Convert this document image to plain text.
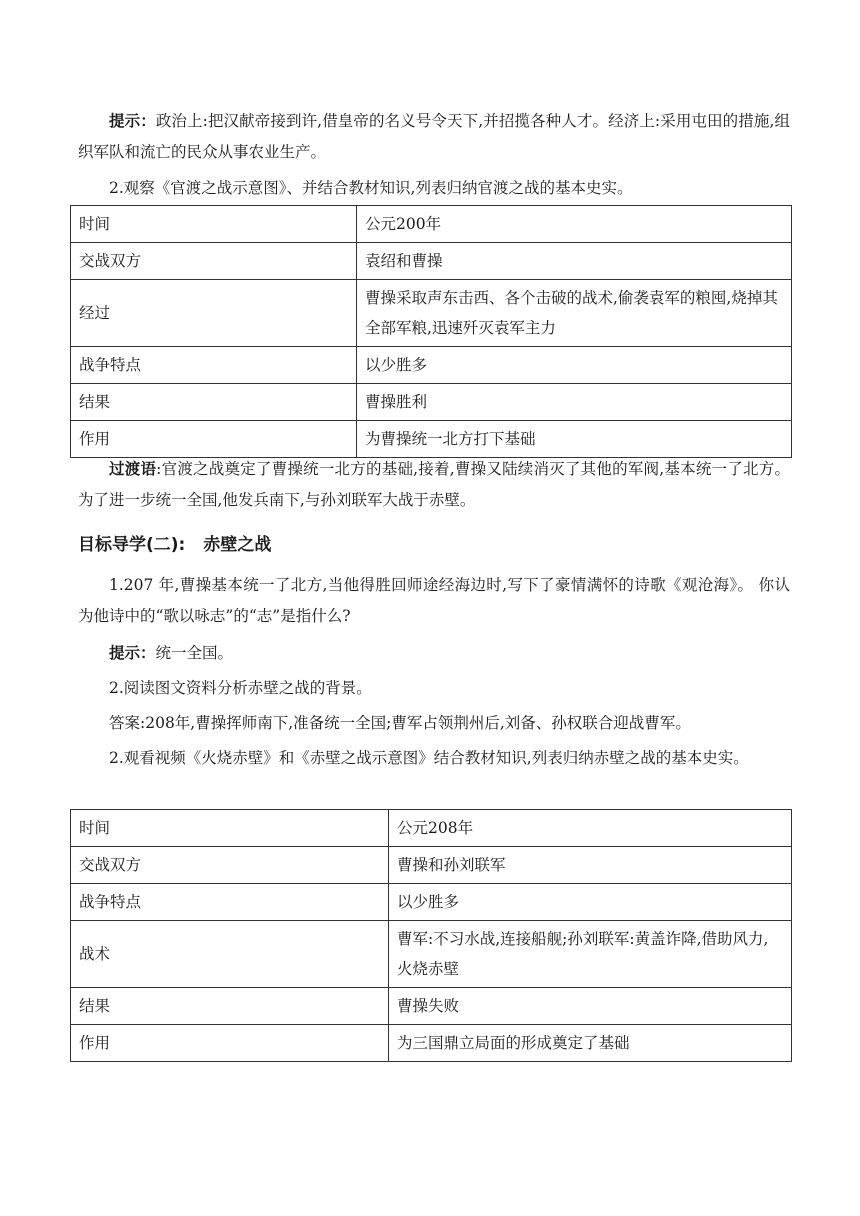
提示：政治上:把汉献帝接到许,借皇帝的名义号令天下,并招揽各种人才。经济上:采用屯田的措施,组织军队和流亡的民众从事农业生产。

2.观察《官渡之战示意图》、并结合教材知识,列表归纳官渡之战的基本史实。

时间	公元200年
交战双方	袁绍和曹操
经过	曹操采取声东击西、各个击破的战术,偷袭袁军的粮囤,烧掉其全部军粮,迅速歼灭袁军主力
战争特点	以少胜多
结果	曹操胜利
作用	为曹操统一北方打下基础

过渡语:官渡之战奠定了曹操统一北方的基础,接着,曹操又陆续消灭了其他的军阀,基本统一了北方。 为了进一步统一全国,他发兵南下,与孙刘联军大战于赤壁。

目标导学(二): 赤壁之战

1.207 年,曹操基本统一了北方,当他得胜回师途经海边时,写下了豪情满怀的诗歌《观沧海》。 你认为他诗中的“歌以咏志”的“志”是指什么?

提示：统一全国。

2.阅读图文资料分析赤壁之战的背景。

答案:208年,曹操挥师南下,准备统一全国;曹军占领荆州后,刘备、孙权联合迎战曹军。

2.观看视频《火烧赤壁》和《赤壁之战示意图》结合教材知识,列表归纳赤壁之战的基本史实。

时间	公元208年
交战双方	曹操和孙刘联军
战争特点	以少胜多
战术	曹军:不习水战,连接船舰;孙刘联军:黄盖诈降,借助风力,火烧赤壁
结果	曹操失败
作用	为三国鼎立局面的形成奠定了基础
